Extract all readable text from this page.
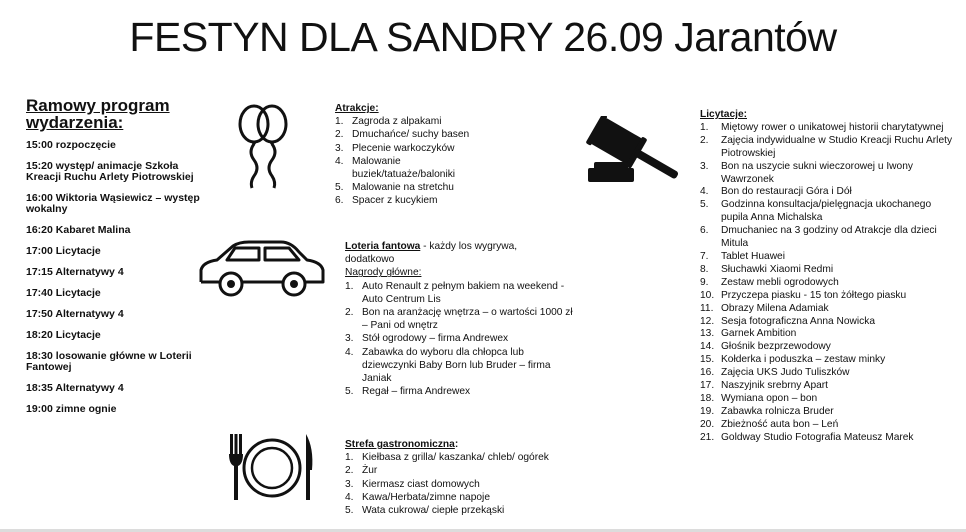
FESTYN DLA SANDRY 26.09 Jarantów
Ramowy program
wydarzenia:
15:00 rozpoczęcie
15:20 występ/ animacje Szkoła Kreacji Ruchu Arlety Piotrowskiej
16:00 Wiktoria Wąsiewicz – występ wokalny
16:20 Kabaret Malina
17:00 Licytacje
17:15 Alternatywy 4
17:40 Licytacje
17:50 Alternatywy 4
18:20 Licytacje
18:30 losowanie główne w Loterii Fantowej
18:35 Alternatywy 4
19:00 zimne ognie
Atrakcje:
1. Zagroda z alpakami
2. Dmuchańce/ suchy basen
3. Plecenie warkoczyków
4. Malowanie buziek/tatuaże/baloniki
5. Malowanie na stretchu
6. Spacer z kucykiem
Loteria fantowa - każdy los wygrywa, dodatkowo
Nagrody główne:
1. Auto Renault z pełnym bakiem na weekend - Auto Centrum Lis
2. Bon na aranżację wnętrza – o wartości 1000 zł – Pani od wnętrz
3. Stół ogrodowy – firma Andrewex
4. Zabawka do wyboru dla chłopca lub dziewczynki Baby Born lub Bruder – firma Janiak
5. Regał – firma Andrewex
Strefa gastronomiczna:
1. Kiełbasa z grilla/ kaszanka/ chleb/ ogórek
2. Żur
3. Kiermasz ciast domowych
4. Kawa/Herbata/zimne napoje
5. Wata cukrowa/ ciepłe przekąski
Licytacje:
1.	Miętowy rower o unikatowej historii charytatywnej
2.	Zajęcia indywidualne w Studio Kreacji Ruchu Arlety Piotrowskiej
3.	Bon na uszycie sukni wieczorowej u Iwony Wawrzonek
4.	Bon do restauracji Góra i Dół
5.	Godzinna konsultacja/pielęgnacja ukochanego pupila Anna Michalska
6.	Dmuchaniec na 3 godziny od Atrakcje dla dzieci Mitula
7.	Tablet Huawei
8.	Słuchawki Xiaomi Redmi
9.	Zestaw mebli ogrodowych
10. Przyczepa piasku - 15 ton żółtego piasku
11. Obrazy Milena Adamiak
12. Sesja fotograficzna Anna Nowicka
13. Garnek Ambition
14. Głośnik bezprzewodowy
15. Kołderka i poduszka – zestaw minky
16. Zajęcia UKS Judo Tuliszków
17. Naszyjnik srebrny Apart
18. Wymiana opon – bon
19. Zabawka rolnicza Bruder
20. Zbieżność auta bon – Leń
21. Goldway Studio Fotografia Mateusz Marek
